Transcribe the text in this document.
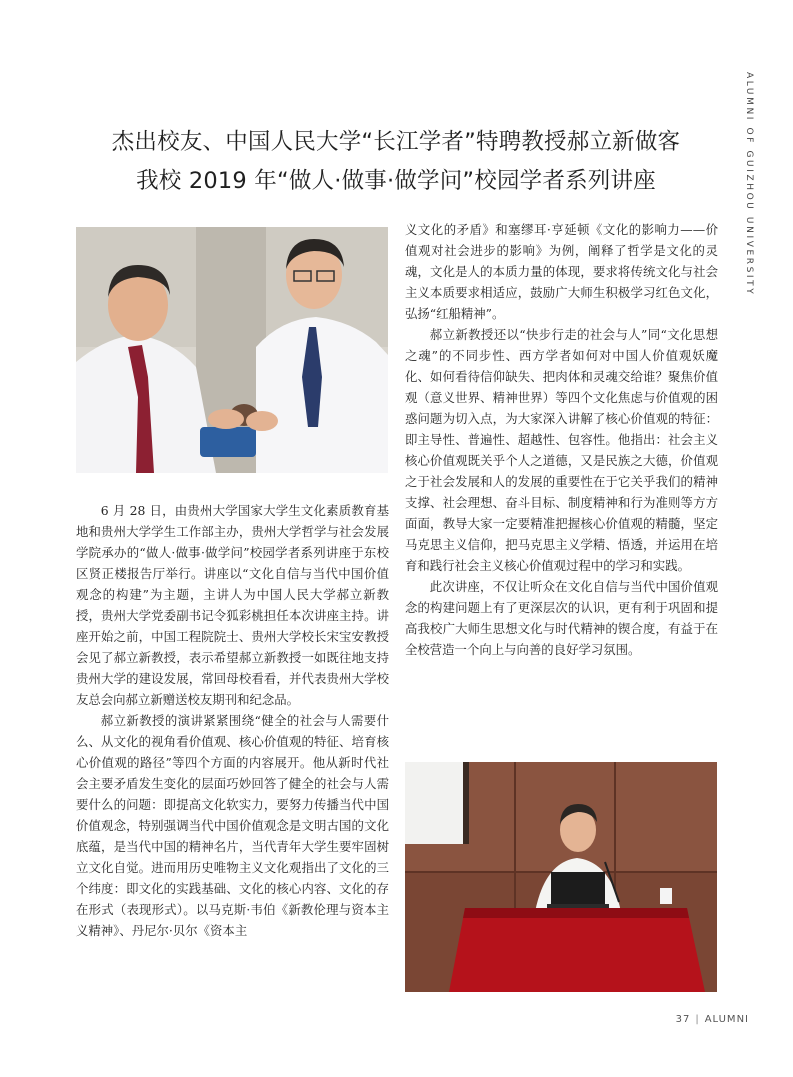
ALUMNI OF GUIZHOU UNIVERSITY
杰出校友、中国人民大学“长江学者”特聘教授郝立新做客
我校 2019 年“做人·做事·做学问”校园学者系列讲座

6 月 28 日，由贵州大学国家大学生文化素质教育基地和贵州大学学生工作部主办，贵州大学哲学与社会发展学院承办的“做人·做事·做学问”校园学者系列讲座于东校区贤正楼报告厅举行。讲座以“文化自信与当代中国价值观念的构建”为主题，主讲人为中国人民大学郝立新教授，贵州大学党委副书记令狐彩桃担任本次讲座主持。讲座开始之前，中国工程院院士、贵州大学校长宋宝安教授会见了郝立新教授，表示希望郝立新教授一如既往地支持贵州大学的建设发展，常回母校看看，并代表贵州大学校友总会向郝立新赠送校友期刊和纪念品。

郝立新教授的演讲紧紧围绕“健全的社会与人需要什么、从文化的视角看价值观、核心价值观的特征、培育核心价值观的路径”等四个方面的内容展开。他从新时代社会主要矛盾发生变化的层面巧妙回答了健全的社会与人需要什么的问题：即提高文化软实力，要努力传播当代中国价值观念，特别强调当代中国价值观念是文明古国的文化底蕴，是当代中国的精神名片，当代青年大学生要牢固树立文化自觉。进而用历史唯物主义文化观指出了文化的三个纬度：即文化的实践基础、文化的核心内容、文化的存在形式（表现形式）。以马克斯·韦伯《新教伦理与资本主义精神》、丹尼尔·贝尔《资本主

义文化的矛盾》和塞缪耳·亨延顿《文化的影响力——价值观对社会进步的影响》为例，阐释了哲学是文化的灵魂，文化是人的本质力量的体现，要求将传统文化与社会主义本质要求相适应，鼓励广大师生积极学习红色文化，弘扬“红船精神”。

郝立新教授还以“快步行走的社会与人”同“文化思想之魂”的不同步性、西方学者如何对中国人价值观妖魔化、如何看待信仰缺失、把肉体和灵魂交给谁？聚焦价值观（意义世界、精神世界）等四个文化焦虑与价值观的困惑问题为切入点，为大家深入讲解了核心价值观的特征：即主导性、普遍性、超越性、包容性。他指出：社会主义核心价值观既关乎个人之道德，又是民族之大德，价值观之于社会发展和人的发展的重要性在于它关乎我们的精神支撑、社会理想、奋斗目标、制度精神和行为准则等方方面面，教导大家一定要精准把握核心价值观的精髓，坚定马克思主义信仰，把马克思主义学精、悟透，并运用在培育和践行社会主义核心价值观过程中的学习和实践。

此次讲座，不仅让听众在文化自信与当代中国价值观念的构建问题上有了更深层次的认识，更有利于巩固和提高我校广大师生思想文化与时代精神的锲合度，有益于在全校营造一个向上与向善的良好学习氛围。

37 | ALUMNI
